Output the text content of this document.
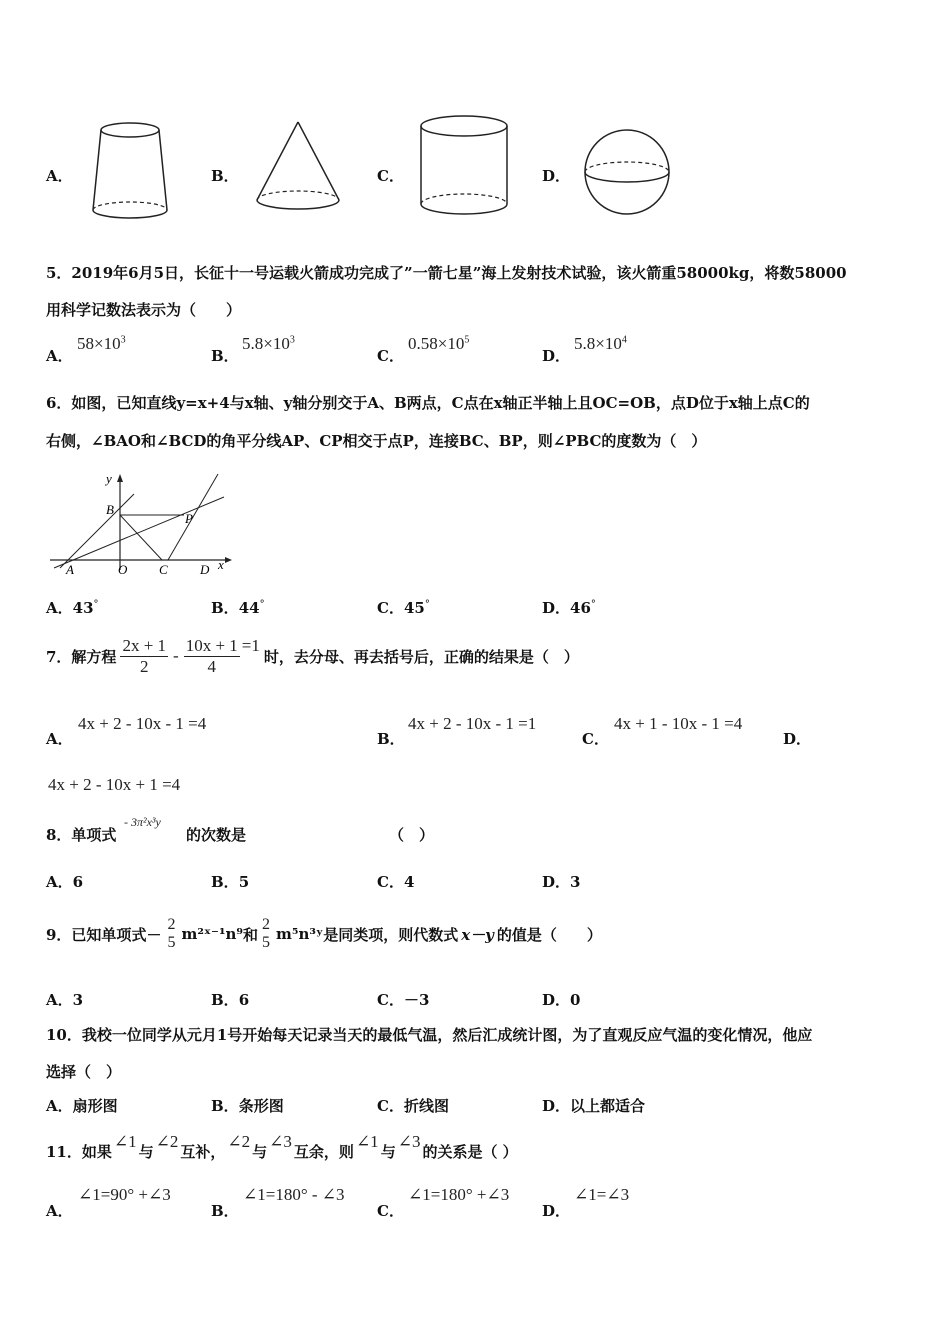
A．	B．	C．	D．
5．2019年6月5日，长征十一号运载火箭成功完成了”一箭七星”海上发射技术试验，该火箭重58000kg，将数58000
用科学记数法表示为（　　）
A．
$58\times 10^3$
B．
$5.8\times 10^3$
C．
$0.58\times 10^5$
D．
$5.8\times 10^4$
6．如图，已知直线y=x+4与x轴、y轴分别交于A、B两点，C点在x轴正半轴上且OC=OB，点D位于x轴上点C的
右侧，∠BAO和∠BCD的角平分线AP、CP相交于点P，连接BC、BP，则∠PBC的度数为（　）
y
B
P
A	O C D x
A．43°	B．44°	C．45°	D．46°
7．解方程 $\frac{2x + 1}{2} - \frac{10x + 1}{4} =1$
时，去分母、再去括号后，正确的结果是（　）
A．
4x + 2 - 10x - 1 =4
B．
4x + 2 - 10x - 1 =1
C．
4x + 1 - 10x - 1 =4
D．
4x + 2 - 10x + 1 =4
8．单项式
- 3π²x³y
的次数是	（　）
A．6	B．5	C．4	D．3
9．已知单项式－
2
5 m²ˣ⁻¹n⁹ 和
2
5 m⁵n³ʸ 是同类项，则代数式 x－y 的值是（　　）
A．3	B．6	C．－3	D．0
10．我校一位同学从元月1号开始每天记录当天的最低气温，然后汇成统计图，为了直观反应气温的变化情况，他应
选择（　）
A．扇形图	B．条形图	C．折线图	D．以上都适合
11．如果
∠1
与
∠2
互补，
∠2
与
∠3
互余，则
∠1
与
∠3
的关系是（ ）
A．
∠1=90° +∠3
B．
∠1=180° - ∠3
C．
∠1=180° +∠3
D．
∠1=∠3
